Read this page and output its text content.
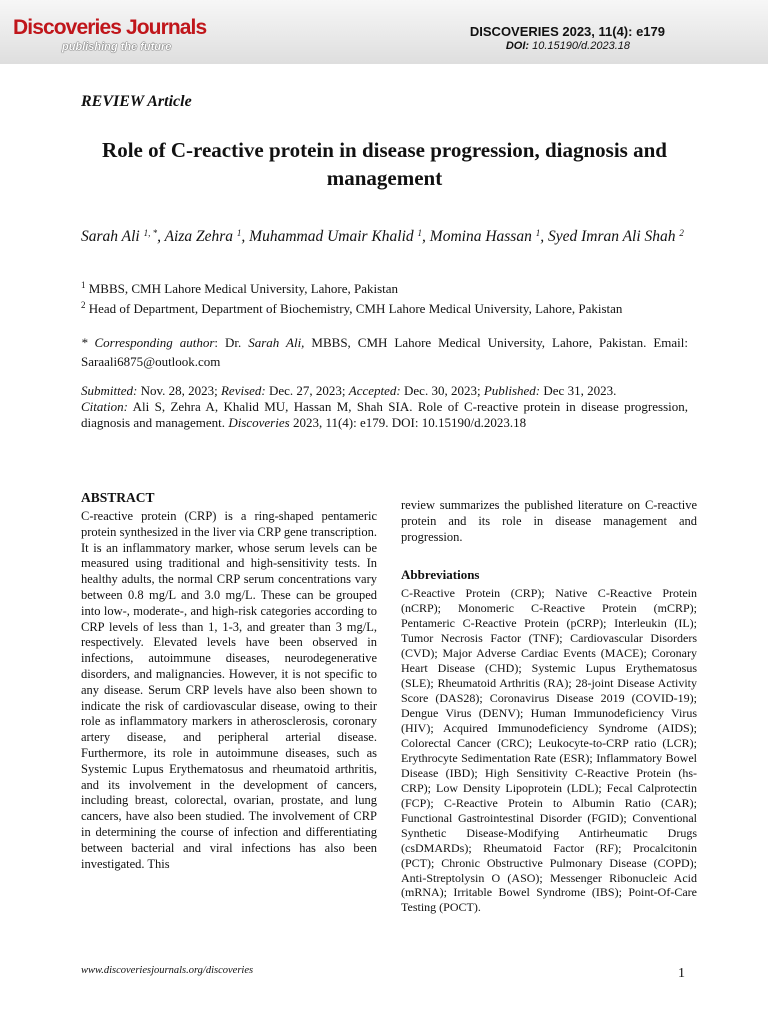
Discoveries Journals
publishing the future
DISCOVERIES 2023, 11(4): e179
DOI: 10.15190/d.2023.18
REVIEW Article
Role of C-reactive protein in disease progression, diagnosis and management
Sarah Ali $^{1, *}$, Aiza Zehra $^1$, Muhammad Umair Khalid $^1$, Momina Hassan $^1$, Syed Imran Ali Shah $^2$
$^1$ MBBS, CMH Lahore Medical University, Lahore, Pakistan
$^2$ Head of Department, Department of Biochemistry, CMH Lahore Medical University, Lahore, Pakistan
* Corresponding author: Dr. Sarah Ali, MBBS, CMH Lahore Medical University, Lahore, Pakistan. Email: Saraali6875@outlook.com
Submitted: Nov. 28, 2023; Revised: Dec. 27, 2023; Accepted: Dec. 30, 2023; Published: Dec 31, 2023.
Citation: Ali S, Zehra A, Khalid MU, Hassan M, Shah SIA. Role of C-reactive protein in disease progression, diagnosis and management. Discoveries 2023, 11(4): e179. DOI: 10.15190/d.2023.18
ABSTRACT

C-reactive protein (CRP) is a ring-shaped pentameric protein synthesized in the liver via CRP gene transcription. It is an inflammatory marker, whose serum levels can be measured using traditional and high-sensitivity tests. In healthy adults, the normal CRP serum concentrations vary between 0.8 mg/L and 3.0 mg/L. These can be grouped into low-, moderate-, and high-risk categories according to CRP levels of less than 1, 1-3, and greater than 3 mg/L, respectively. Elevated levels have been observed in infections, autoimmune diseases, neurodegenerative disorders, and malignancies. However, it is not specific to any disease. Serum CRP levels have also been shown to indicate the risk of cardiovascular disease, owing to their role as inflammatory markers in atherosclerosis, coronary artery disease, and peripheral arterial disease. Furthermore, its role in autoimmune diseases, such as Systemic Lupus Erythematosus and rheumatoid arthritis, and its involvement in the development of cancers, including breast, colorectal, ovarian, prostate, and lung cancers, have also been studied. The involvement of CRP in determining the course of infection and differentiating between bacterial and viral infections has also been investigated. This

review summarizes the published literature on C-reactive protein and its role in disease management and progression.

Abbreviations

C-Reactive Protein (CRP); Native C-Reactive Protein (nCRP); Monomeric C-Reactive Protein (mCRP); Pentameric C-Reactive Protein (pCRP); Interleukin (IL); Tumor Necrosis Factor (TNF); Cardiovascular Disorders (CVD); Major Adverse Cardiac Events (MACE); Coronary Heart Disease (CHD); Systemic Lupus Erythematosus (SLE); Rheumatoid Arthritis (RA); 28-joint Disease Activity Score (DAS28); Coronavirus Disease 2019 (COVID-19); Dengue Virus (DENV); Human Immunodeficiency Virus (HIV); Acquired Immunodeficiency Syndrome (AIDS); Colorectal Cancer (CRC); Leukocyte-to-CRP ratio (LCR); Erythrocyte Sedimentation Rate (ESR); Inflammatory Bowel Disease (IBD); High Sensitivity C-Reactive Protein (hs-CRP); Low Density Lipoprotein (LDL); Fecal Calprotectin (FCP); C-Reactive Protein to Albumin Ratio (CAR); Functional Gastrointestinal Disorder (FGID); Conventional Synthetic Disease-Modifying Antirheumatic Drugs (csDMARDs); Rheumatoid Factor (RF); Procalcitonin (PCT); Chronic Obstructive Pulmonary Disease (COPD); Anti-Streptolysin O (ASO); Messenger Ribonucleic Acid (mRNA); Irritable Bowel Syndrome (IBS); Point-Of-Care Testing (POCT).

www.discoveriesjournals.org/discoveries	1
